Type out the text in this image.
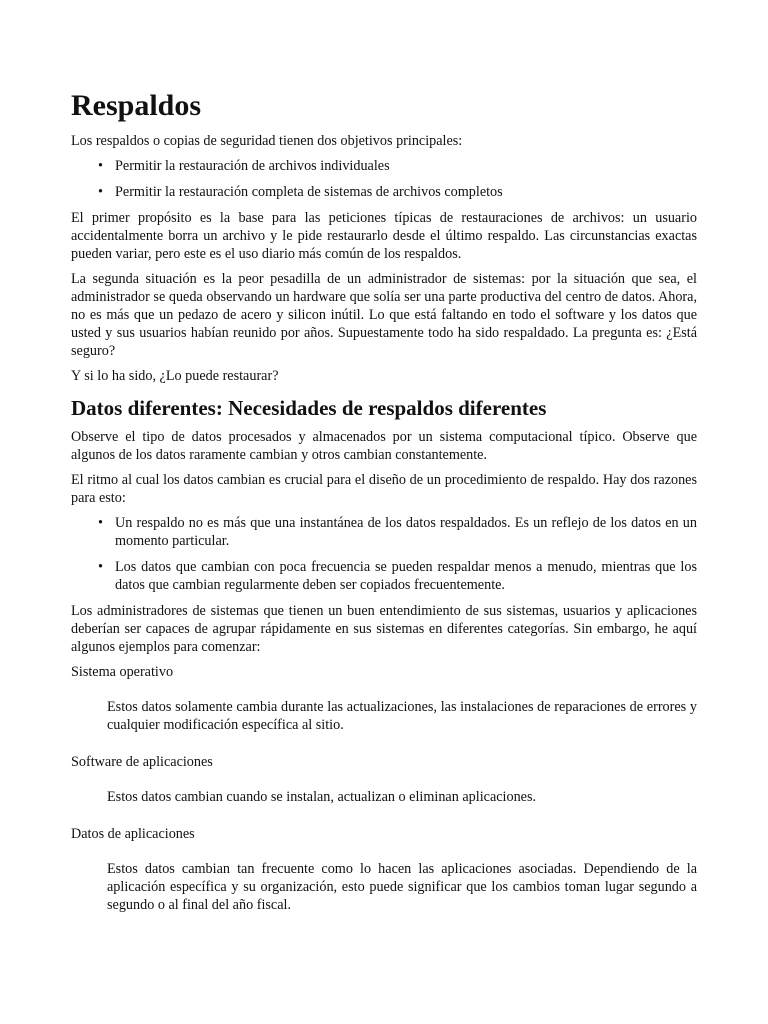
Respaldos

Los respaldos o copias de seguridad tienen dos objetivos principales:

• Permitir la restauración de archivos individuales
• Permitir la restauración completa de sistemas de archivos completos

El primer propósito es la base para las peticiones típicas de restauraciones de archivos: un usuario accidentalmente borra un archivo y le pide restaurarlo desde el último respaldo. Las circunstancias exactas pueden variar, pero este es el uso diario más común de los respaldos.

La segunda situación es la peor pesadilla de un administrador de sistemas: por la situación que sea, el administrador se queda observando un hardware que solía ser una parte productiva del centro de datos. Ahora, no es más que un pedazo de acero y silicon inútil. Lo que está faltando en todo el software y los datos que usted y sus usuarios habían reunido por años. Supuestamente todo ha sido respaldado. La pregunta es: ¿Está seguro?

Y si lo ha sido, ¿Lo puede restaurar?

Datos diferentes: Necesidades de respaldos diferentes

Observe el tipo de datos procesados y almacenados por un sistema computacional típico. Observe que algunos de los datos raramente cambian y otros cambian constantemente.

El ritmo al cual los datos cambian es crucial para el diseño de un procedimiento de respaldo. Hay dos razones para esto:

• Un respaldo no es más que una instantánea de los datos respaldados. Es un reflejo de los datos en un momento particular.
• Los datos que cambian con poca frecuencia se pueden respaldar menos a menudo, mientras que los datos que cambian regularmente deben ser copiados frecuentemente.

Los administradores de sistemas que tienen un buen entendimiento de sus sistemas, usuarios y aplicaciones deberían ser capaces de agrupar rápidamente en sus sistemas en diferentes categorías. Sin embargo, he aquí algunos ejemplos para comenzar:

Sistema operativo
Estos datos solamente cambia durante las actualizaciones, las instalaciones de reparaciones de errores y cualquier modificación específica al sitio.
Software de aplicaciones
Estos datos cambian cuando se instalan, actualizan o eliminan aplicaciones.
Datos de aplicaciones
Estos datos cambian tan frecuente como lo hacen las aplicaciones asociadas. Dependiendo de la aplicación específica y su organización, esto puede significar que los cambios toman lugar segundo a segundo o al final del año fiscal.
